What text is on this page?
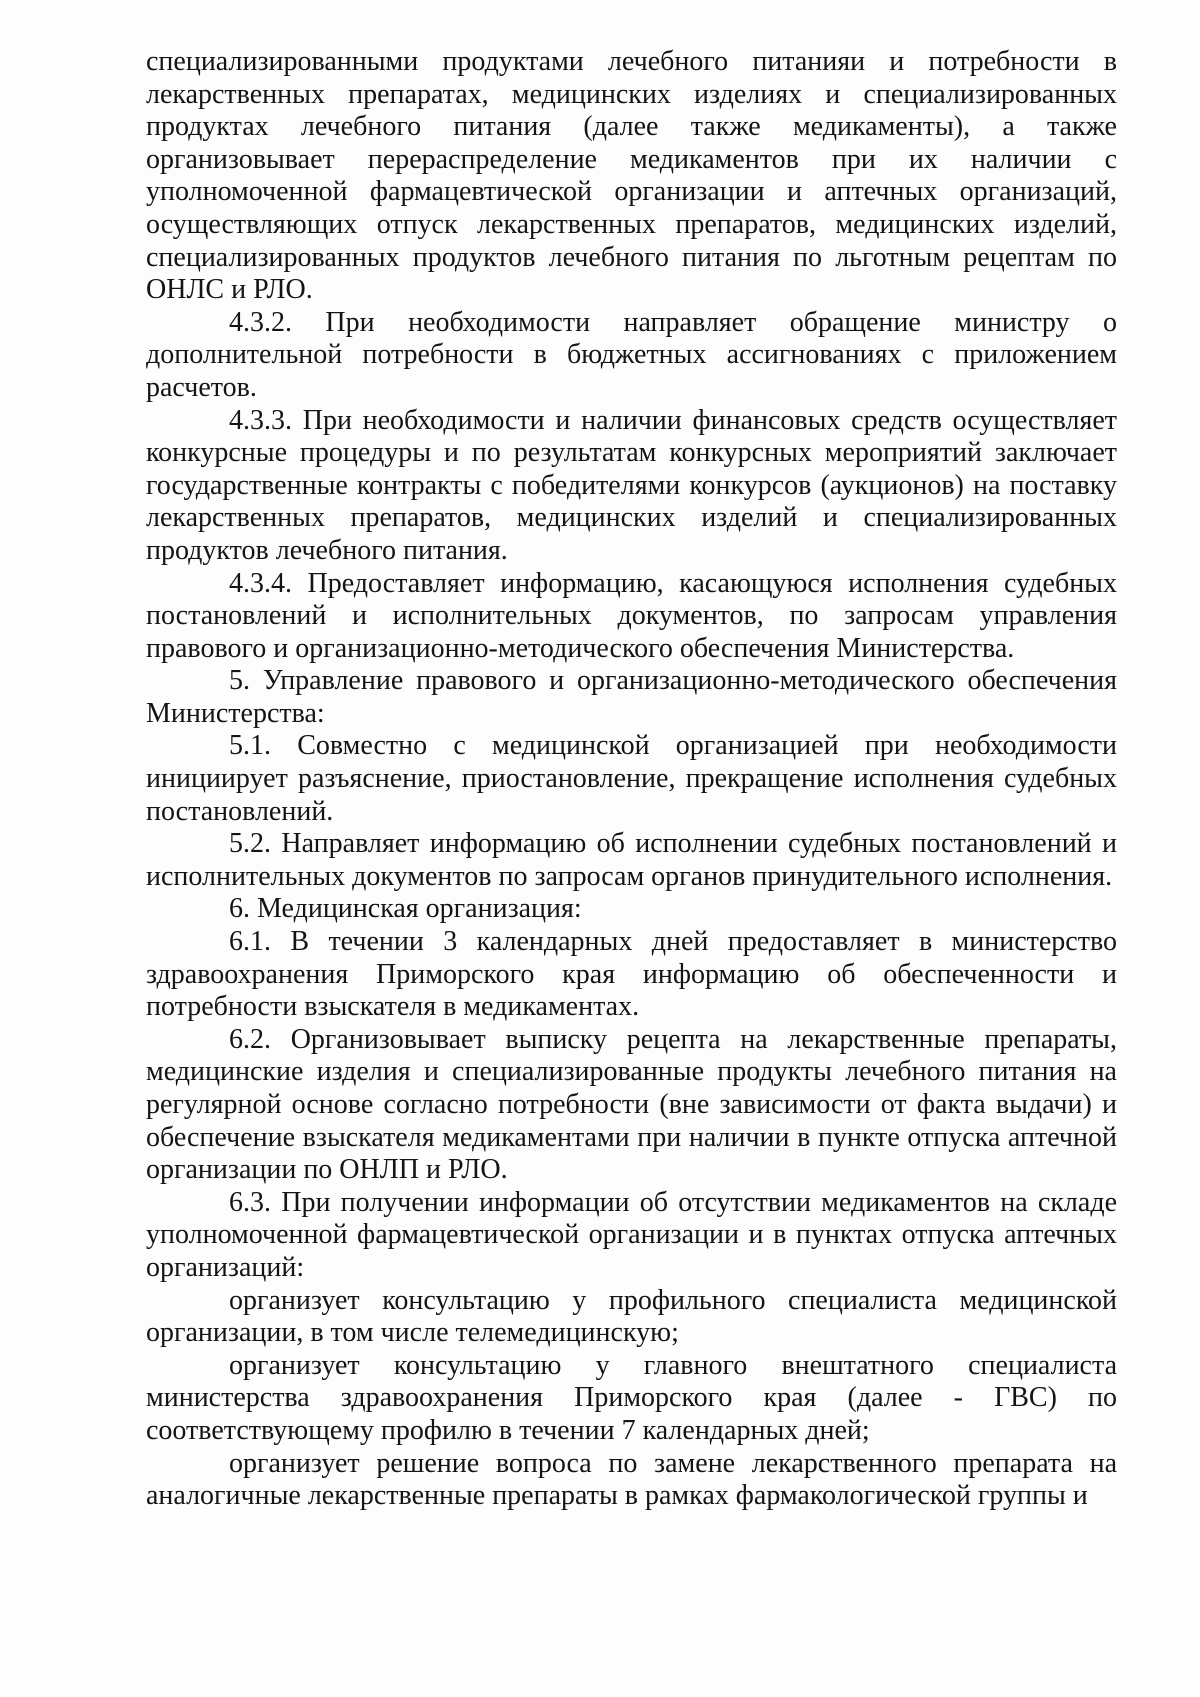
специализированными продуктами лечебного питанияи и потребности в лекарственных препаратах, медицинских изделиях и специализированных продуктах лечебного питания (далее также медикаменты), а также организовывает перераспределение медикаментов при их наличии с уполномоченной фармацевтической организации и аптечных организаций, осуществляющих отпуск лекарственных препаратов, медицинских изделий, специализированных продуктов лечебного питания по льготным рецептам по ОНЛС и РЛО.

4.3.2. При необходимости направляет обращение министру о дополнительной потребности в бюджетных ассигнованиях с приложением расчетов.

4.3.3. При необходимости и наличии финансовых средств осуществляет конкурсные процедуры и по результатам конкурсных мероприятий заключает государственные контракты с победителями конкурсов (аукционов) на поставку лекарственных препаратов, медицинских изделий и специализированных продуктов лечебного питания.

4.3.4. Предоставляет информацию, касающуюся исполнения судебных постановлений и исполнительных документов, по запросам управления правового и организационно-методического обеспечения Министерства.

5. Управление правового и организационно-методического обеспечения Министерства:

5.1. Совместно с медицинской организацией при необходимости инициирует разъяснение, приостановление, прекращение исполнения судебных постановлений.

5.2. Направляет информацию об исполнении судебных постановлений и исполнительных документов по запросам органов принудительного исполнения.

6. Медицинская организация:

6.1. В течении 3 календарных дней предоставляет в министерство здравоохранения Приморского края информацию об обеспеченности и потребности взыскателя в медикаментах.

6.2. Организовывает выписку рецепта на лекарственные препараты, медицинские изделия и специализированные продукты лечебного питания на регулярной основе согласно потребности (вне зависимости от факта выдачи) и обеспечение взыскателя медикаментами при наличии в пункте отпуска аптечной организации по ОНЛП и РЛО.

6.3. При получении информации об отсутствии медикаментов на складе уполномоченной фармацевтической организации и в пунктах отпуска аптечных организаций:

организует консультацию у профильного специалиста медицинской организации, в том числе телемедицинскую;

организует консультацию у главного внештатного специалиста министерства здравоохранения Приморского края (далее - ГВС) по соответствующему профилю в течении 7 календарных дней;

организует решение вопроса по замене лекарственного препарата на аналогичные лекарственные препараты в рамках фармакологической группы и
